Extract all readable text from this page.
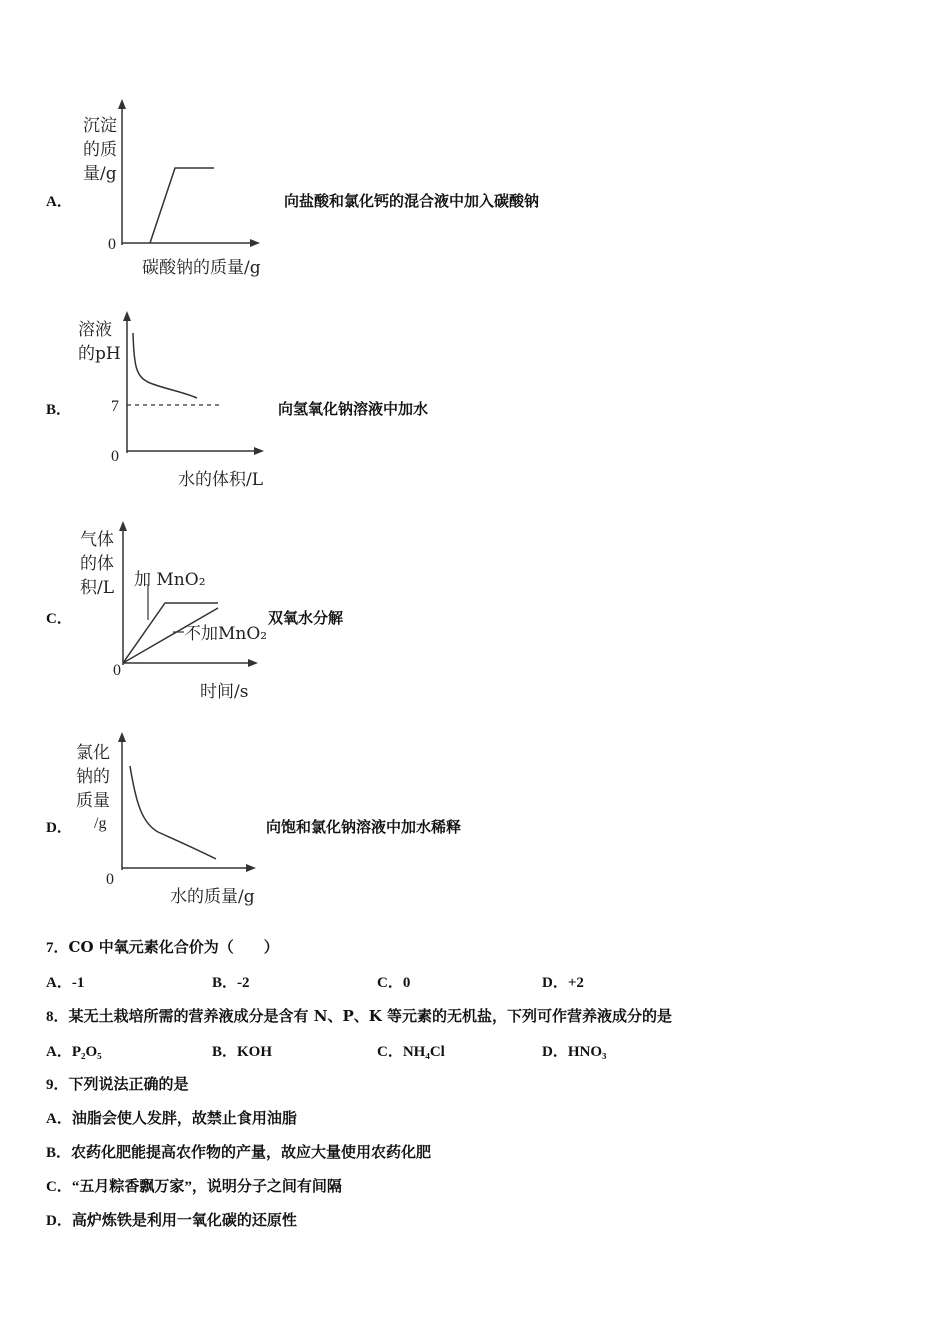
A．
沉淀
的质
量/g
0
碳酸钠的质量/g
向盐酸和氯化钙的混合液中加入碳酸钠
B．
溶液
的pH
7
0
水的体积/L
向氢氧化钠溶液中加水
C．
气体
的体
积/L 加 MnO₂
不加MnO₂
0
时间/s
双氧水分解
D．
氯化
钠的
质量
/g
0
水的质量/g
向饱和氯化钠溶液中加水稀释
7．CO 中氧元素化合价为（　　）
A．-1	B．-2	C．0	D．+2
8．某无土栽培所需的营养液成分是含有 N、P、K 等元素的无机盐，下列可作营养液成分的是
A．P₂O₅	B．KOH	C．NH₄Cl	D．HNO₃
9．下列说法正确的是
A．油脂会使人发胖，故禁止食用油脂
B．农药化肥能提高农作物的产量，故应大量使用农药化肥
C．“五月粽香飘万家”，说明分子之间有间隔
D．高炉炼铁是利用一氧化碳的还原性
